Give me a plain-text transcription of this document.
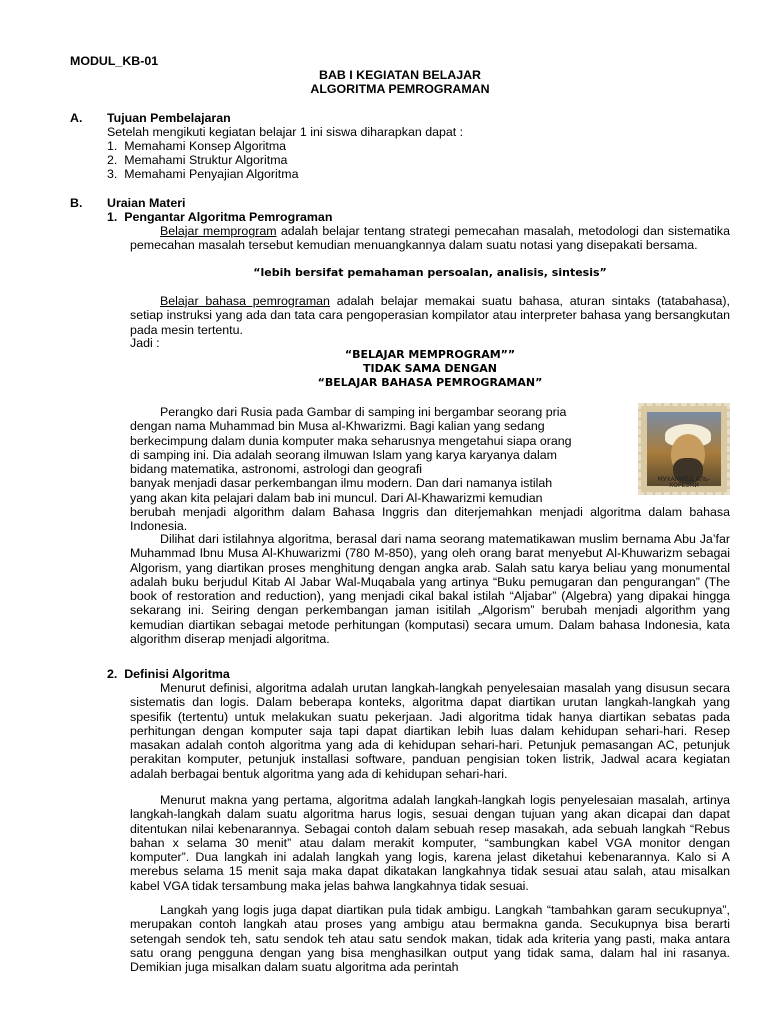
MODUL_KB-01
BAB I KEGIATAN BELAJAR
ALGORITMA PEMROGRAMAN
A. Tujuan Pembelajaran
Setelah mengikuti kegiatan belajar 1 ini siswa diharapkan dapat :
1.  Memahami Konsep Algoritma
2.  Memahami Struktur Algoritma
3.  Memahami Penyajian Algoritma
B. Uraian Materi
1.  Pengantar Algoritma Pemrograman
Belajar memprogram adalah belajar tentang strategi pemecahan masalah, metodologi dan sistematika pemecahan masalah tersebut kemudian menuangkannya dalam suatu notasi yang disepakati bersama.
“lebih bersifat pemahaman persoalan, analisis, sintesis”
Belajar bahasa pemrograman adalah belajar memakai suatu bahasa, aturan sintaks (tatabahasa), setiap instruksi yang ada dan tata cara pengoperasian kompilator atau interpreter bahasa yang bersangkutan pada mesin tertentu.
Jadi :
“BELAJAR MEMPROGRAM””
TIDAK SAMA DENGAN
“BELAJAR BAHASA PEMROGRAMAN”
Perangko dari Rusia pada Gambar di samping ini bergambar seorang pria
dengan nama Muhammad bin Musa al-Khwarizmi. Bagi kalian yang sedang
berkecimpung dalam dunia komputer maka seharusnya mengetahui siapa orang
di samping ini. Dia adalah seorang ilmuwan Islam yang karya karyanya dalam
bidang matematika, astronomi, astrologi dan geografi
banyak menjadi dasar perkembangan ilmu modern. Dan dari namanya istilah
yang akan kita pelajari dalam bab ini muncul. Dari Al-Khawarizmi kemudian
МУХАММЕД АЛЬ-ХОРЕЗМИ
berubah menjadi algorithm dalam Bahasa Inggris dan diterjemahkan menjadi algoritma dalam bahasa Indonesia.
Dilihat dari istilahnya algoritma, berasal dari nama seorang matematikawan muslim bernama Abu Ja’far Muhammad Ibnu Musa Al-Khuwarizmi (780 M-850), yang oleh orang barat menyebut Al-Khuwarizm sebagai Algorism, yang diartikan proses menghitung dengan angka arab. Salah satu karya beliau yang monumental adalah buku berjudul Kitab Al Jabar Wal-Muqabala yang artinya “Buku pemugaran dan pengurangan” (The book of restoration and reduction), yang menjadi cikal bakal istilah “Aljabar” (Algebra) yang dipakai hingga sekarang ini. Seiring dengan perkembangan jaman isitilah „Algorism” berubah menjadi algorithm yang kemudian diartikan sebagai metode perhitungan (komputasi) secara umum. Dalam bahasa Indonesia, kata algorithm diserap menjadi algoritma.
2.  Definisi Algoritma
Menurut definisi, algoritma adalah urutan langkah-langkah penyelesaian masalah yang disusun secara sistematis dan logis. Dalam beberapa konteks, algoritma dapat diartikan urutan langkah-langkah yang spesifik (tertentu) untuk melakukan suatu pekerjaan. Jadi algoritma tidak hanya diartikan sebatas pada perhitungan dengan komputer saja tapi dapat diartikan lebih luas dalam kehidupan sehari-hari. Resep masakan adalah contoh algoritma yang ada di kehidupan sehari-hari. Petunjuk pemasangan AC, petunjuk perakitan komputer, petunjuk installasi software, panduan pengisian token listrik, Jadwal acara kegiatan adalah berbagai bentuk algoritma yang ada di kehidupan sehari-hari.
Menurut makna yang pertama, algoritma adalah langkah-langkah logis penyelesaian masalah, artinya langkah-langkah dalam suatu algoritma harus logis, sesuai dengan tujuan yang akan dicapai dan dapat ditentukan nilai kebenarannya. Sebagai contoh dalam sebuah resep masakah, ada sebuah langkah “Rebus bahan x selama 30 menit” atau dalam merakit komputer, “sambungkan kabel VGA monitor dengan komputer”. Dua langkah ini adalah langkah yang logis, karena jelast diketahui kebenarannya. Kalo si A merebus selama 15 menit saja maka dapat dikatakan langkahnya tidak sesuai atau salah, atau misalkan kabel VGA tidak tersambung maka jelas bahwa langkahnya tidak sesuai.
Langkah yang logis juga dapat diartikan pula tidak ambigu. Langkah “tambahkan garam secukupnya”, merupakan contoh langkah atau proses yang ambigu atau bermakna ganda. Secukupnya bisa berarti setengah sendok teh, satu sendok teh atau satu sendok makan, tidak ada kriteria yang pasti, maka antara satu orang pengguna dengan yang bisa menghasilkan output yang tidak sama, dalam hal ini rasanya. Demikian juga misalkan dalam suatu algoritma ada perintah
